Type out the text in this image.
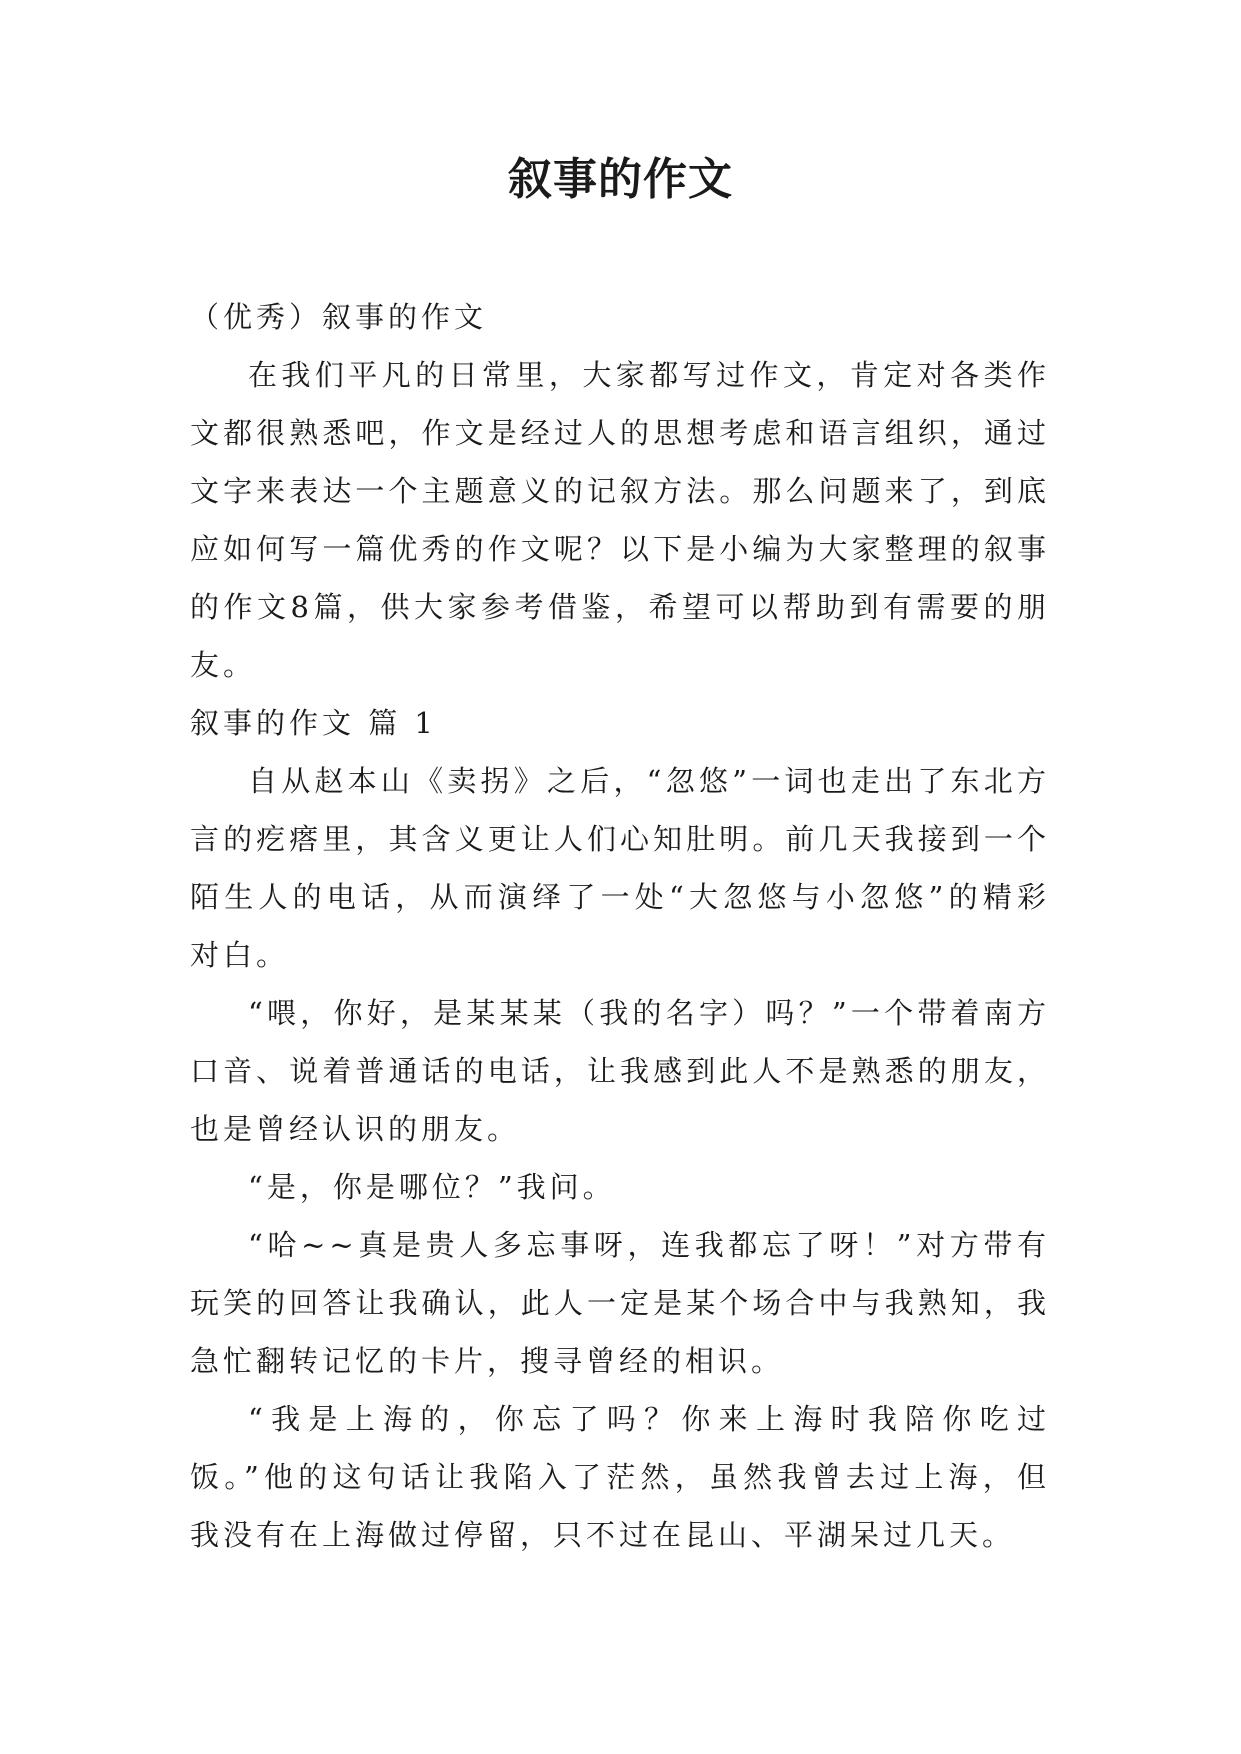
叙事的作文

（优秀）叙事的作文

在我们平凡的日常里，大家都写过作文，肯定对各类作文都很熟悉吧，作文是经过人的思想考虑和语言组织，通过文字来表达一个主题意义的记叙方法。那么问题来了，到底应如何写一篇优秀的作文呢？以下是小编为大家整理的叙事的作文8篇，供大家参考借鉴，希望可以帮助到有需要的朋友。

叙事的作文 篇 1

自从赵本山《卖拐》之后，“忽悠”一词也走出了东北方言的疙瘩里，其含义更让人们心知肚明。前几天我接到一个陌生人的电话，从而演绎了一处“大忽悠与小忽悠”的精彩对白。

“喂，你好，是某某某（我的名字）吗？”一个带着南方口音、说着普通话的电话，让我感到此人不是熟悉的朋友，也是曾经认识的朋友。

“是，你是哪位？”我问。

“哈~~真是贵人多忘事呀，连我都忘了呀！”对方带有玩笑的回答让我确认，此人一定是某个场合中与我熟知，我急忙翻转记忆的卡片，搜寻曾经的相识。

“我是上海的，你忘了吗？你来上海时我陪你吃过饭。”他的这句话让我陷入了茫然，虽然我曾去过上海，但我没有在上海做过停留，只不过在昆山、平湖呆过几天。
